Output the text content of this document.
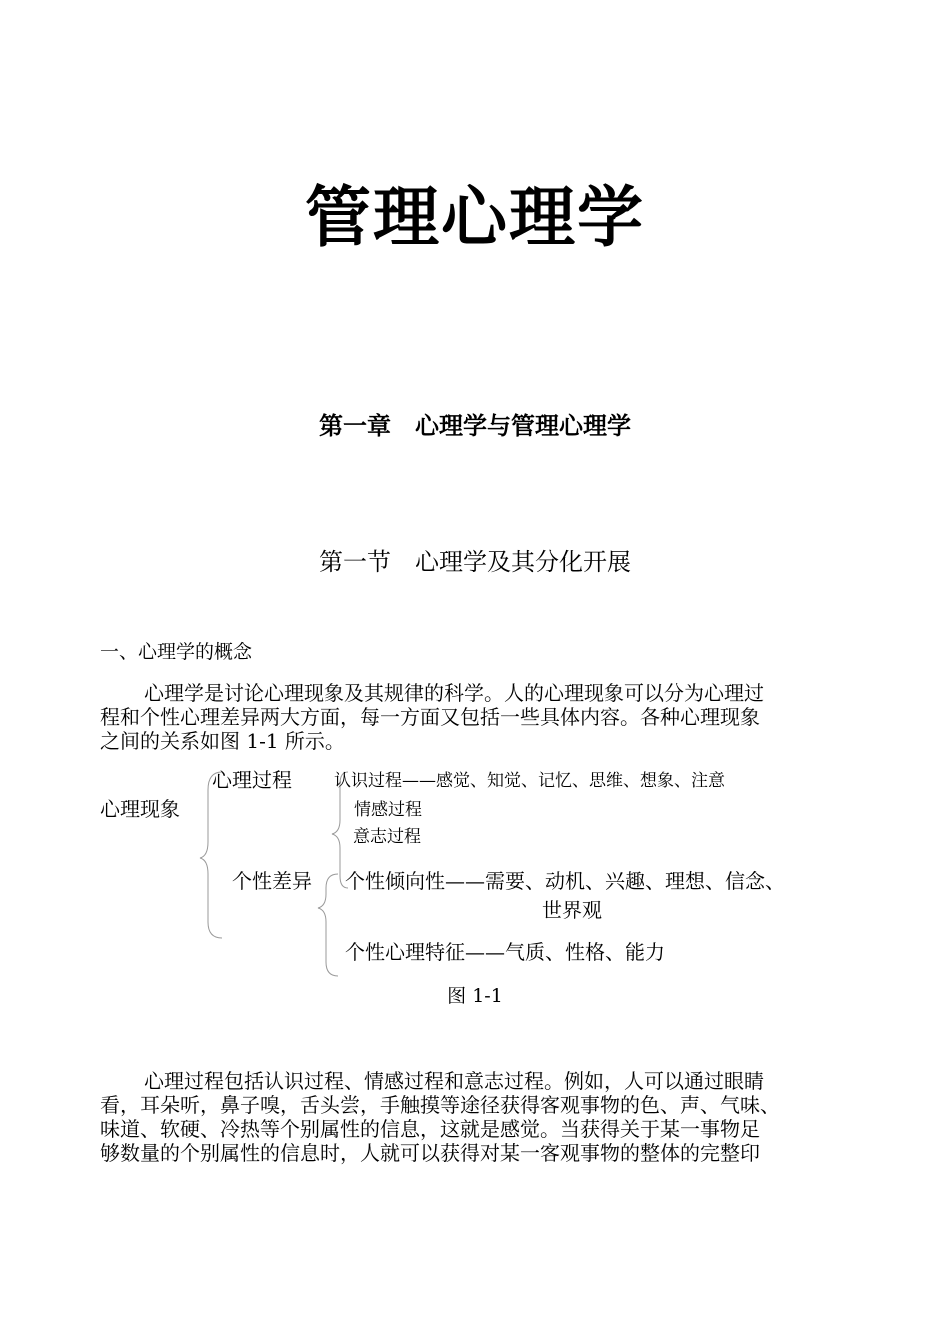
管理心理学
第一章　心理学与管理心理学
第一节　心理学及其分化开展
一、心理学的概念
心理学是讨论心理现象及其规律的科学。人的心理现象可以分为心理过
程和个性心理差异两大方面，每一方面又包括一些具体内容。各种心理现象
之间的关系如图 1-1 所示。
心理现象
心理过程 认识过程——感觉、知觉、记忆、思维、想象、注意
情感过程
意志过程
个性差异 个性倾向性——需要、动机、兴趣、理想、信念、
世界观
个性心理特征——气质、性格、能力
图 1-1
心理过程包括认识过程、情感过程和意志过程。例如，人可以通过眼睛
看，耳朵听，鼻子嗅，舌头尝，手触摸等途径获得客观事物的色、声、气味、
味道、软硬、冷热等个别属性的信息，这就是感觉。当获得关于某一事物足
够数量的个别属性的信息时，人就可以获得对某一客观事物的整体的完整印
